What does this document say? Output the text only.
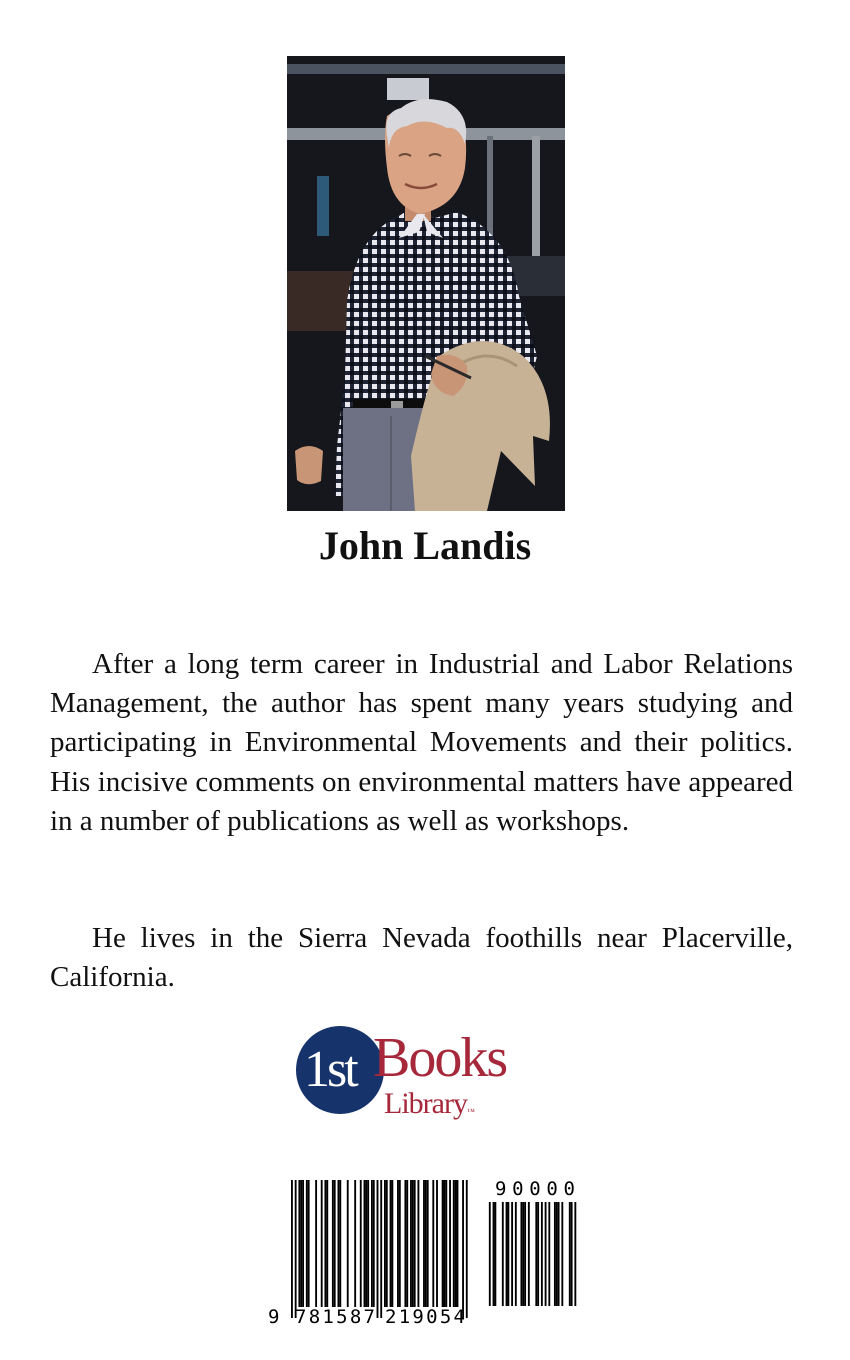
John Landis

After a long term career in Industrial and Labor Relations Management, the author has spent many years studying and participating in Environmental Movements and their politics. His incisive comments on environmental matters have appeared in a number of publications as well as workshops.

He lives in the Sierra Nevada foothills near Placerville, California.

1st Books
Library™
9 781587 219054
90000
